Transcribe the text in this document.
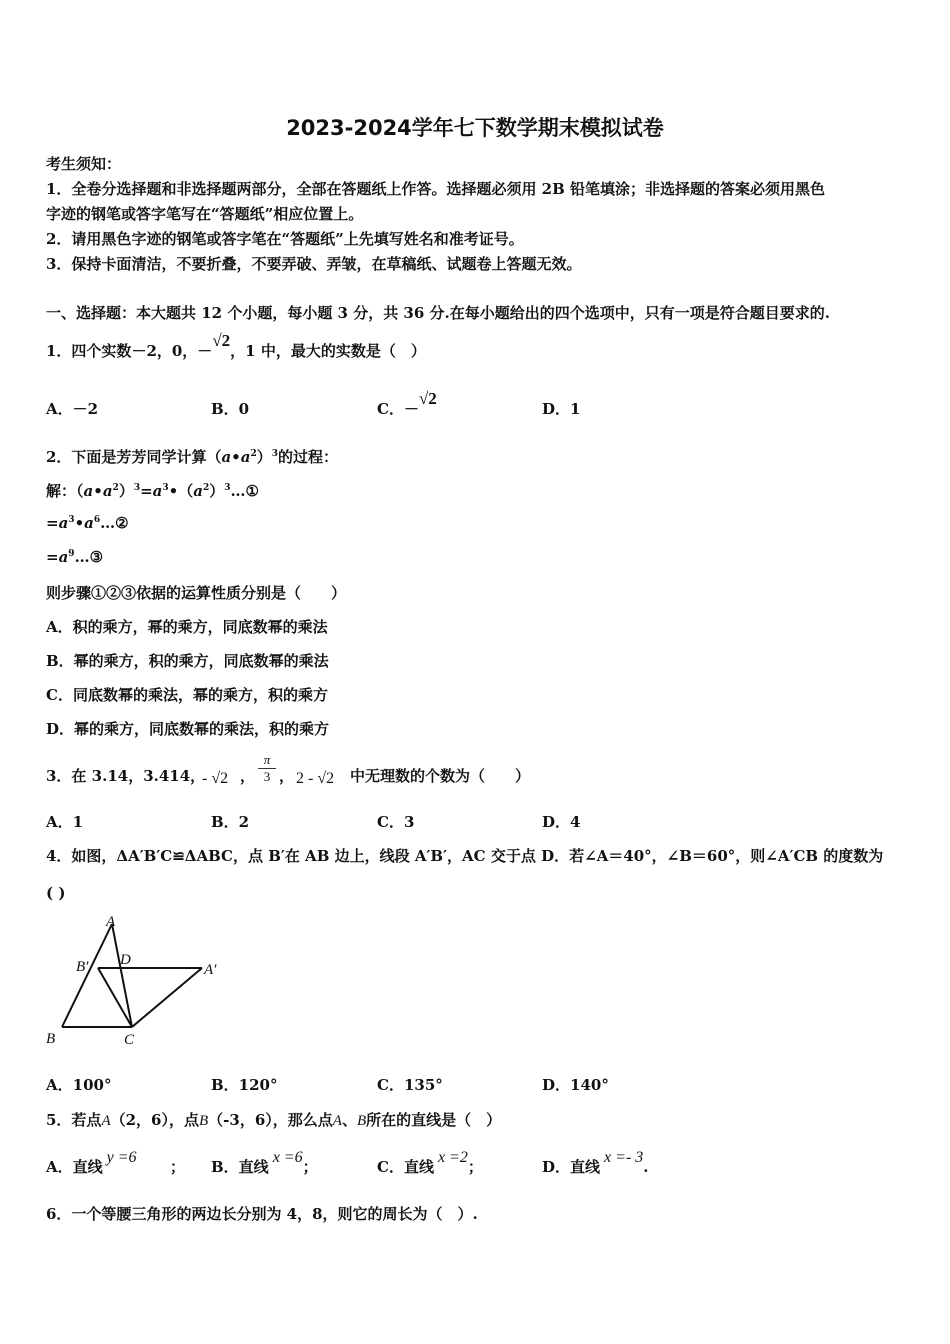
2023-2024学年七下数学期末模拟试卷
考生须知：
1．全卷分选择题和非选择题两部分，全部在答题纸上作答。选择题必须用 2B 铅笔填涂；非选择题的答案必须用黑色
字迹的钢笔或答字笔写在“答题纸”相应位置上。
2．请用黑色字迹的钢笔或答字笔在“答题纸”上先填写姓名和准考证号。
3．保持卡面清洁，不要折叠，不要弄破、弄皱，在草稿纸、试题卷上答题无效。
一、选择题：本大题共 12 个小题，每小题 3 分，共 36 分.在每小题给出的四个选项中，只有一项是符合题目要求的.
1．四个实数－2，0，－√2，1 中，最大的实数是（　）
A．－2	B．0	C．－√2
D．1
2．下面是芳芳同学计算$(a•a^2)^3$的过程：
解：$(a•a^2)^3=a^3•(a^2)^3\dots ①$
$=a^3•a^6\dots ②$
$=a^9\dots ③$
则步骤①②③依据的运算性质分别是（　　）
A．积的乘方，幂的乘方，同底数幂的乘法
B．幂的乘方，积的乘方，同底数幂的乘法
C．同底数幂的乘法，幂的乘方，积的乘方
D．幂的乘方，同底数幂的乘法，积的乘方
3．在 3.14，3.414，
- √2 ，
π
3 ， 2 - √2 中无理数的个数为（　　）
A．1	B．2	C．3	D．4
4．如图，ΔA′B′C≌ΔABC，点 B′在 AB 边上，线段 A′B′，AC 交于点 D．若∠A＝40°，∠B＝60°，则∠A′CB 的度数为
( )
A
B′ D
A′
B	C
A．100°	B．120°	C．135°	D．140°
5．若点A（2，6），点B（-3，6），那么点A、B所在的直线是（　）
A．直线y =6
； B．直线x =6；	C．直线x =2；	D．直线x =- 3.
6．一个等腰三角形的两边长分别为 4，8，则它的周长为（　）.
